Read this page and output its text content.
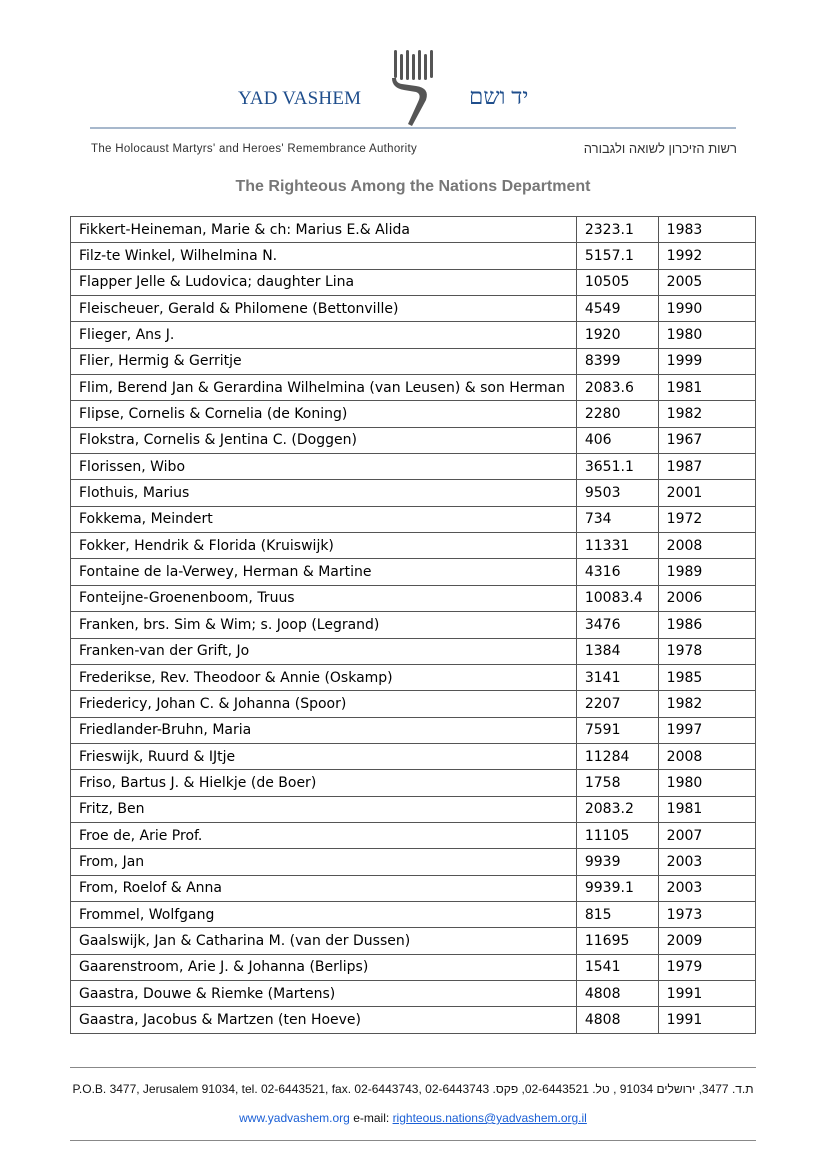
YAD VASHEM	יד ושם
The Holocaust Martyrs' and Heroes' Remembrance Authority	רשות הזיכרון לשואה ולגבורה
The Righteous Among the Nations Department
Fikkert-Heineman, Marie & ch: Marius E.& Alida	2323.1	1983
Filz-te Winkel, Wilhelmina N.	5157.1	1992
Flapper Jelle & Ludovica; daughter Lina	10505	2005
Fleischeuer, Gerald & Philomene (Bettonville)	4549	1990
Flieger, Ans J.	1920	1980
Flier, Hermig & Gerritje	8399	1999
Flim, Berend Jan & Gerardina Wilhelmina (van Leusen) & son Herman	2083.6	1981
Flipse, Cornelis & Cornelia (de Koning)	2280	1982
Flokstra, Cornelis & Jentina C. (Doggen)	406	1967
Florissen, Wibo	3651.1	1987
Flothuis, Marius	9503	2001
Fokkema, Meindert	734	1972
Fokker, Hendrik & Florida (Kruiswijk)	11331	2008
Fontaine de la-Verwey, Herman & Martine	4316	1989
Fonteijne-Groenenboom, Truus	10083.4	2006
Franken, brs. Sim & Wim; s. Joop (Legrand)	3476	1986
Franken-van der Grift, Jo	1384	1978
Frederikse, Rev. Theodoor & Annie (Oskamp)	3141	1985
Friedericy, Johan C. & Johanna (Spoor)	2207	1982
Friedlander-Bruhn, Maria	7591	1997
Frieswijk, Ruurd & IJtje	11284	2008
Friso, Bartus J. & Hielkje (de Boer)	1758	1980
Fritz, Ben	2083.2	1981
Froe de, Arie Prof.	11105	2007
From, Jan	9939	2003
From, Roelof & Anna	9939.1	2003
Frommel, Wolfgang	815	1973
Gaalswijk, Jan & Catharina M. (van der Dussen)	11695	2009
Gaarenstroom, Arie J. & Johanna (Berlips)	1541	1979
Gaastra, Douwe & Riemke (Martens)	4808	1991
Gaastra, Jacobus & Martzen (ten Hoeve)	4808	1991
P.O.B. 3477, Jerusalem 91034, tel. 02-6443521, fax. 02-6443743, ת.ד. 3477, ירושלים 91034 , טל. 02-6443521, פקס. 02-6443743
www.yadvashem.org e-mail: righteous.nations@yadvashem.org.il
